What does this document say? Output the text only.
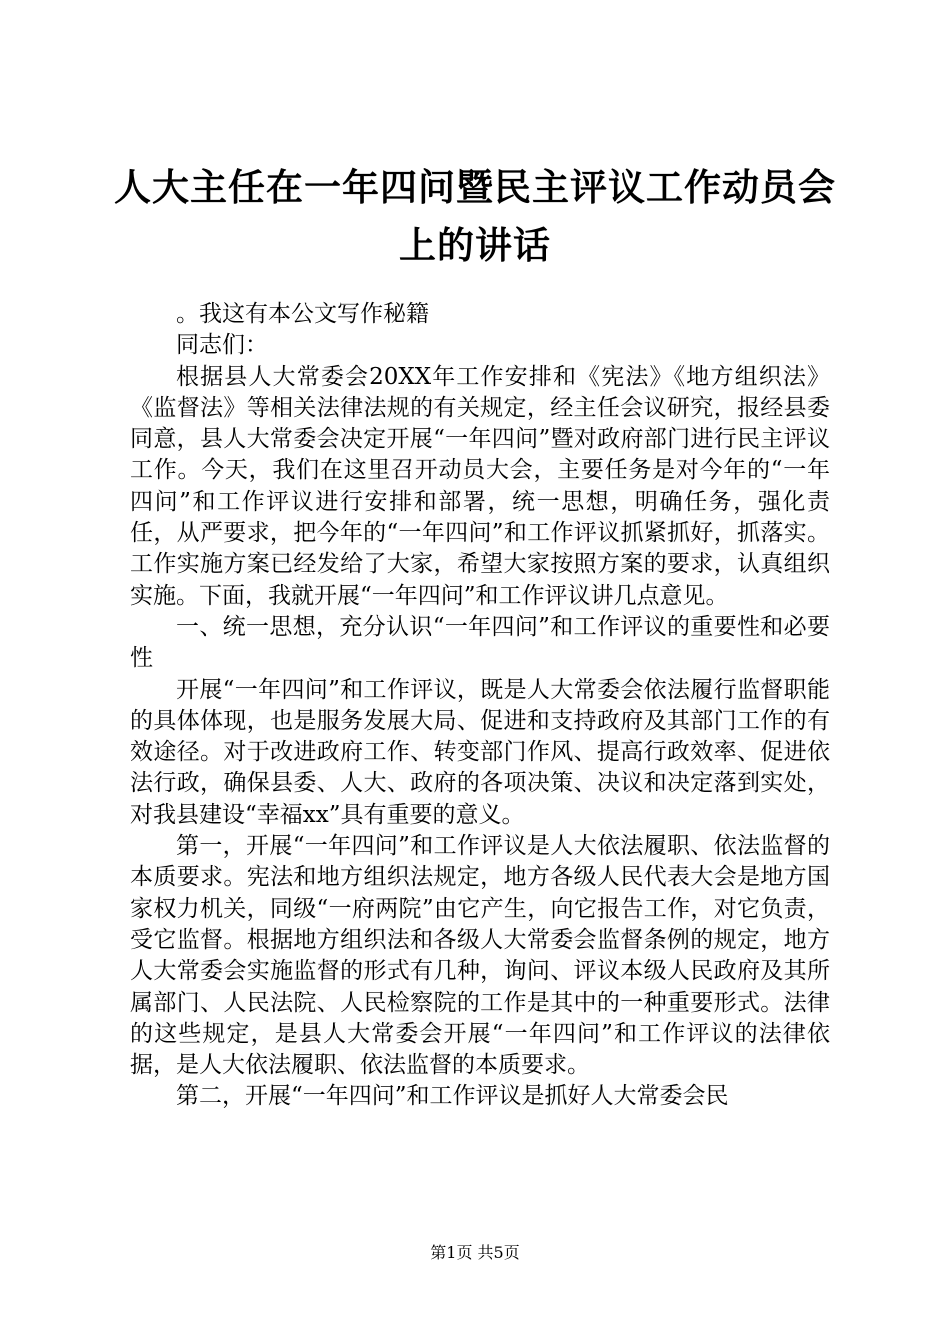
人大主任在一年四问暨民主评议工作动员会上的讲话

。我这有本公文写作秘籍

同志们：

根据县人大常委会20XX年工作安排和《宪法》《地方组织法》《监督法》等相关法律法规的有关规定，经主任会议研究，报经县委同意，县人大常委会决定开展“一年四问”暨对政府部门进行民主评议工作。今天，我们在这里召开动员大会，主要任务是对今年的“一年四问”和工作评议进行安排和部署，统一思想，明确任务，强化责任，从严要求，把今年的“一年四问”和工作评议抓紧抓好，抓落实。工作实施方案已经发给了大家，希望大家按照方案的要求，认真组织实施。下面，我就开展“一年四问”和工作评议讲几点意见。

一、统一思想，充分认识“一年四问”和工作评议的重要性和必要性

开展“一年四问”和工作评议，既是人大常委会依法履行监督职能的具体体现，也是服务发展大局、促进和支持政府及其部门工作的有效途径。对于改进政府工作、转变部门作风、提高行政效率、促进依法行政，确保县委、人大、政府的各项决策、决议和决定落到实处，对我县建设“幸福xx”具有重要的意义。

第一，开展“一年四问”和工作评议是人大依法履职、依法监督的本质要求。宪法和地方组织法规定，地方各级人民代表大会是地方国家权力机关，同级“一府两院”由它产生，向它报告工作，对它负责，受它监督。根据地方组织法和各级人大常委会监督条例的规定，地方人大常委会实施监督的形式有几种，询问、评议本级人民政府及其所属部门、人民法院、人民检察院的工作是其中的一种重要形式。法律的这些规定，是县人大常委会开展“一年四问”和工作评议的法律依据，是人大依法履职、依法监督的本质要求。

第二，开展“一年四问”和工作评议是抓好人大常委会民

第1页 共5页
